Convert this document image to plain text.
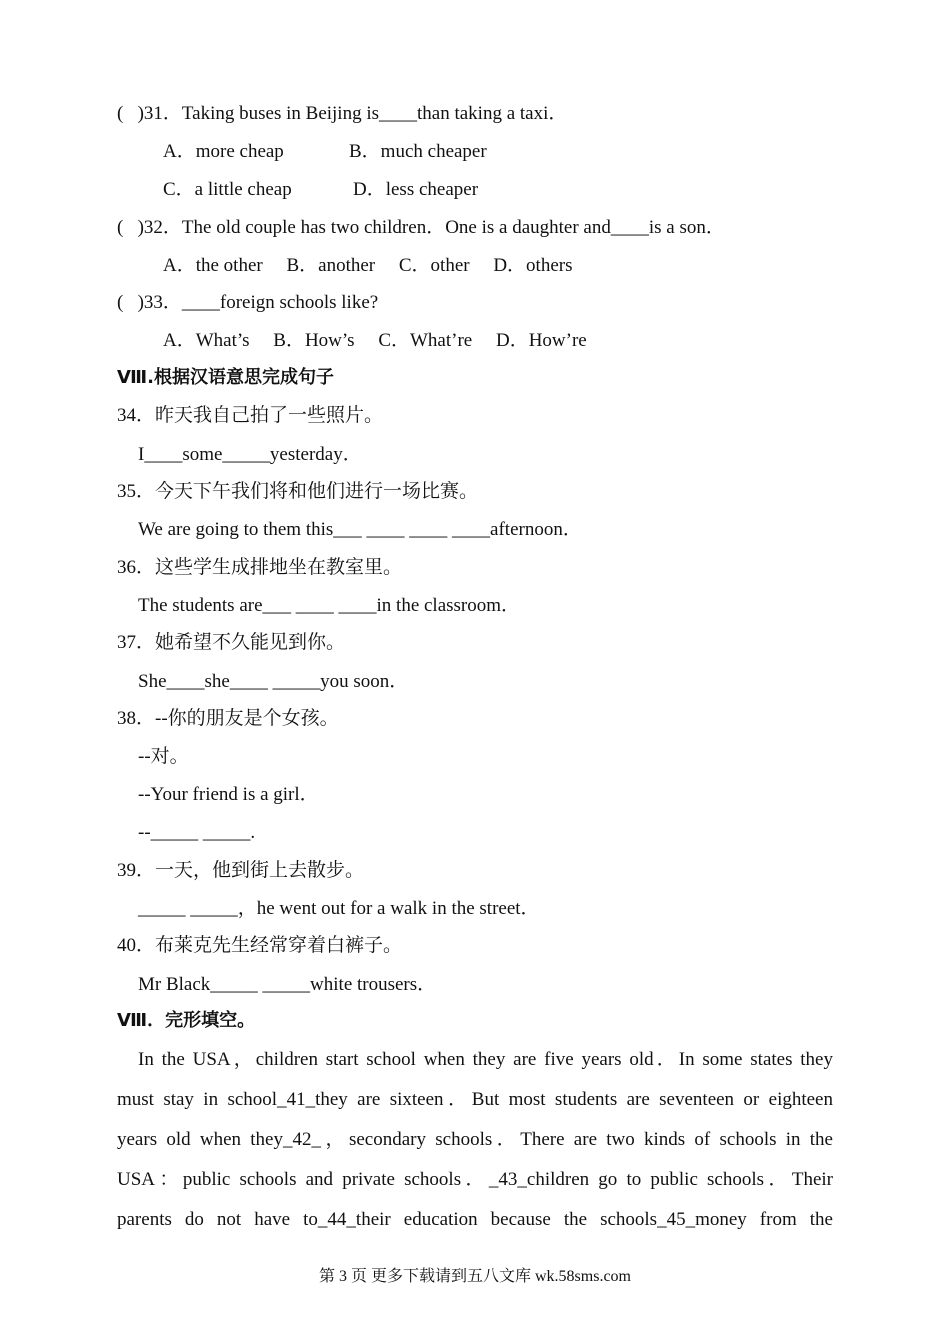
(   )31．Taking buses in Beijing is____than taking a taxi．
A．more cheap	B．much cheaper
C．a little cheap	D．less cheaper
(   )32．The old couple has two children．One is a daughter and____is a son．
A．the other     B．another     C．other     D．others
(   )33．____foreign schools like?
A．What’s     B．How’s     C．What’re     D．How’re
Ⅷ.根据汉语意思完成句子
34．昨天我自己拍了一些照片。
I____some_____yesterday．
35．今天下午我们将和他们进行一场比赛。
We are going to them this___ ____ ____ ____afternoon．
36．这些学生成排地坐在教室里。
The students are___ ____ ____in the classroom．
37．她希望不久能见到你。
She____she____ _____you soon．
38．--你的朋友是个女孩。
--对。
--Your friend is a girl．
--_____ _____.
39．一天，他到街上去散步。
_____ _____，he went out for a walk in the street．
40．布莱克先生经常穿着白裤子。
Mr Black_____ _____white trousers．
Ⅷ．完形填空。
In the USA，children start school when they are five years old．In some states they
must stay in school_41_they are sixteen．But most students are seventeen or eighteen
years old when they_42_，secondary schools．There are two kinds of schools in the
USA：public schools and private schools．_43_children go to public schools．Their
parents do not have to_44_their education because the schools_45_money from the
第 3 页 更多下载请到五八文库 wk.58sms.com
